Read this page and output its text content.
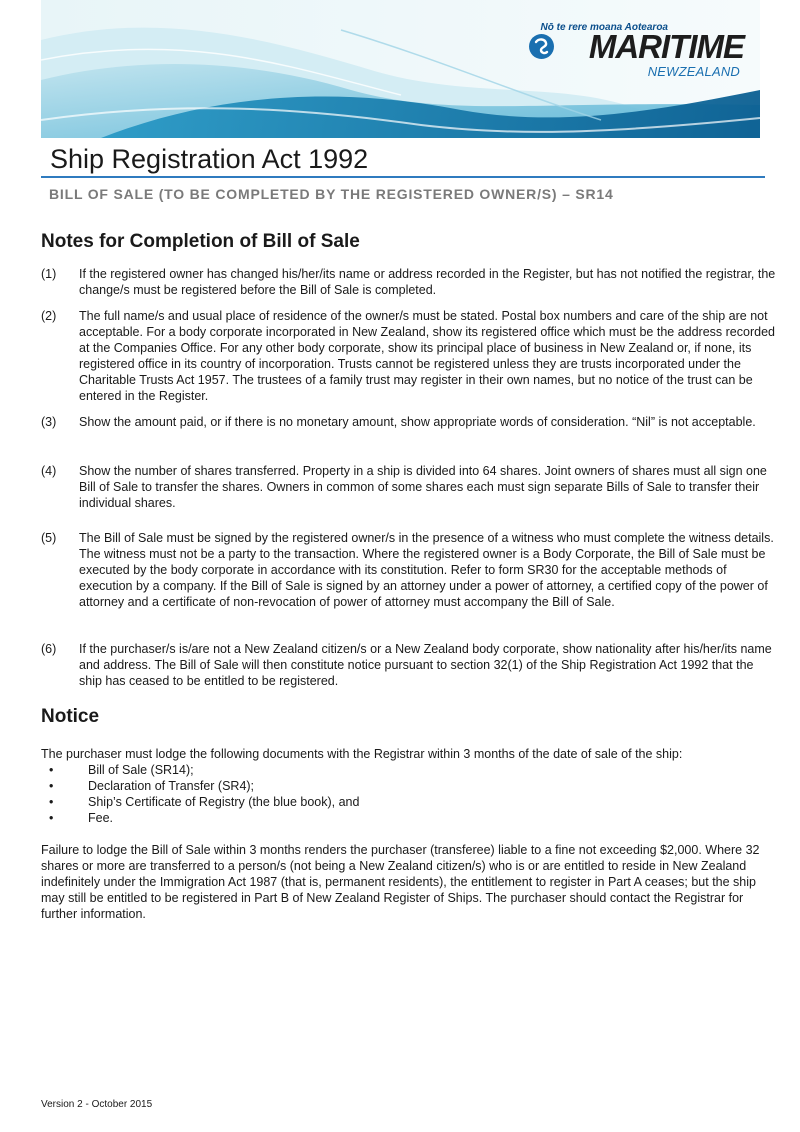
Nō te rere moana Aotearoa
MARITIME
NEWZEALAND
Ship Registration Act 1992
BILL OF SALE (TO BE COMPLETED BY THE REGISTERED OWNER/S) – SR14
Notes for Completion of Bill of Sale
(1)	If the registered owner has changed his/her/its name or address recorded in the Register, but has not notified the registrar, the change/s must be registered before the Bill of Sale is completed.
(2)	The full name/s and usual place of residence of the owner/s must be stated. Postal box numbers and care of the ship are not acceptable. For a body corporate incorporated in New Zealand, show its registered office which must be the address recorded at the Companies Office. For any other body corporate, show its principal place of business in New Zealand or, if none, its registered office in its country of incorporation. Trusts cannot be registered unless they are trusts incorporated under the Charitable Trusts Act 1957. The trustees of a family trust may register in their own names, but no notice of the trust can be entered in the Register.
(3)	Show the amount paid, or if there is no monetary amount, show appropriate words of consideration. “Nil” is not acceptable.
(4)	Show the number of shares transferred. Property in a ship is divided into 64 shares. Joint owners of shares must all sign one Bill of Sale to transfer the shares. Owners in common of some shares each must sign separate Bills of Sale to transfer their individual shares.
(5)	The Bill of Sale must be signed by the registered owner/s in the presence of a witness who must complete the witness details. The witness must not be a party to the transaction. Where the registered owner is a Body Corporate, the Bill of Sale must be executed by the body corporate in accordance with its constitution. Refer to form SR30 for the acceptable methods of execution by a company. If the Bill of Sale is signed by an attorney under a power of attorney, a certified copy of the power of attorney and a certificate of non-revocation of power of attorney must accompany the Bill of Sale.
(6)	If the purchaser/s is/are not a New Zealand citizen/s or a New Zealand body corporate, show nationality after his/her/its name and address. The Bill of Sale will then constitute notice pursuant to section 32(1) of the Ship Registration Act 1992 that the ship has ceased to be entitled to be registered.
Notice

The purchaser must lodge the following documents with the Registrar within 3 months of the date of sale of the ship:

•	Bill of Sale (SR14);
•	Declaration of Transfer (SR4);
•	Ship’s Certificate of Registry (the blue book), and
•	Fee.

Failure to lodge the Bill of Sale within 3 months renders the purchaser (transferee) liable to a fine not exceeding $2,000. Where 32 shares or more are transferred to a person/s (not being a New Zealand citizen/s) who is or are entitled to reside in New Zealand indefinitely under the Immigration Act 1987 (that is, permanent residents), the entitlement to register in Part A ceases; but the ship may still be entitled to be registered in Part B of New Zealand Register of Ships. The purchaser should contact the Registrar for further information.

Version 2 - October 2015
